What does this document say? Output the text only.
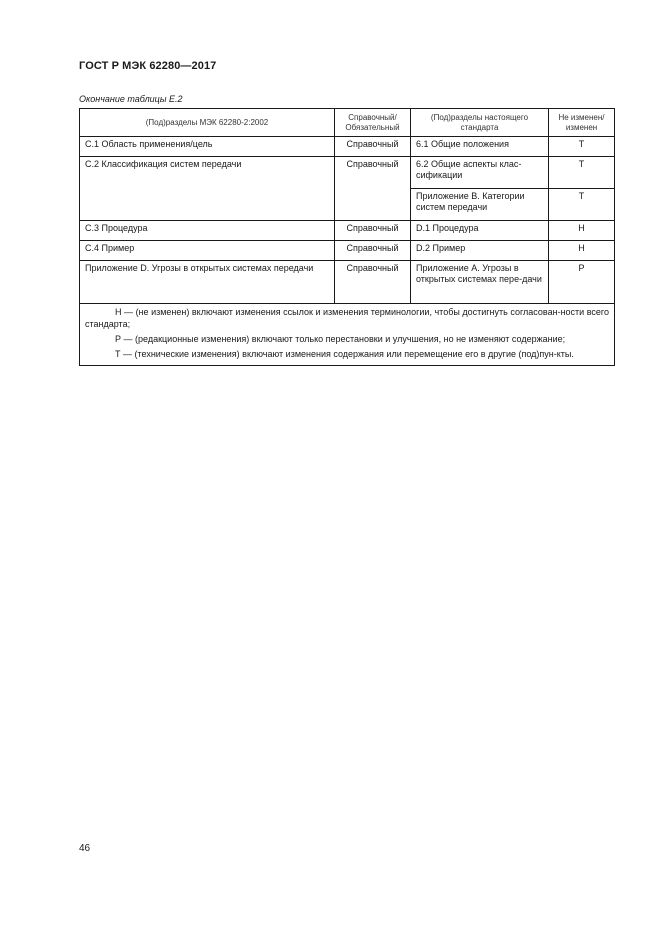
ГОСТ Р МЭК 62280—2017
Окончание таблицы Е.2
(Под)разделы МЭК 62280-2:2002	Справочный/ Обязательный	(Под)разделы настоящего стандарта	Не изменен/ изменен
С.1 Область применения/цель	Справочный	6.1 Общие положения	Т
С.2 Классификация систем передачи	Справочный	6.2 Общие аспекты клас-сификации	Т
		Приложение В. Категории систем передачи	Т
С.3 Процедура	Справочный	D.1 Процедура	Н
С.4 Пример	Справочный	D.2 Пример	Н
Приложение D. Угрозы в открытых системах передачи	Справочный	Приложение А. Угрозы в открытых системах пере-дачи	Р

Н — (не изменен) включают изменения ссылок и изменения терминологии, чтобы достигнуть согласован-ности всего стандарта;

Р — (редакционные изменения) включают только перестановки и улучшения, но не изменяют содержание;

Т — (технические изменения) включают изменения содержания или перемещение его в другие (под)пун-кты.			

46
